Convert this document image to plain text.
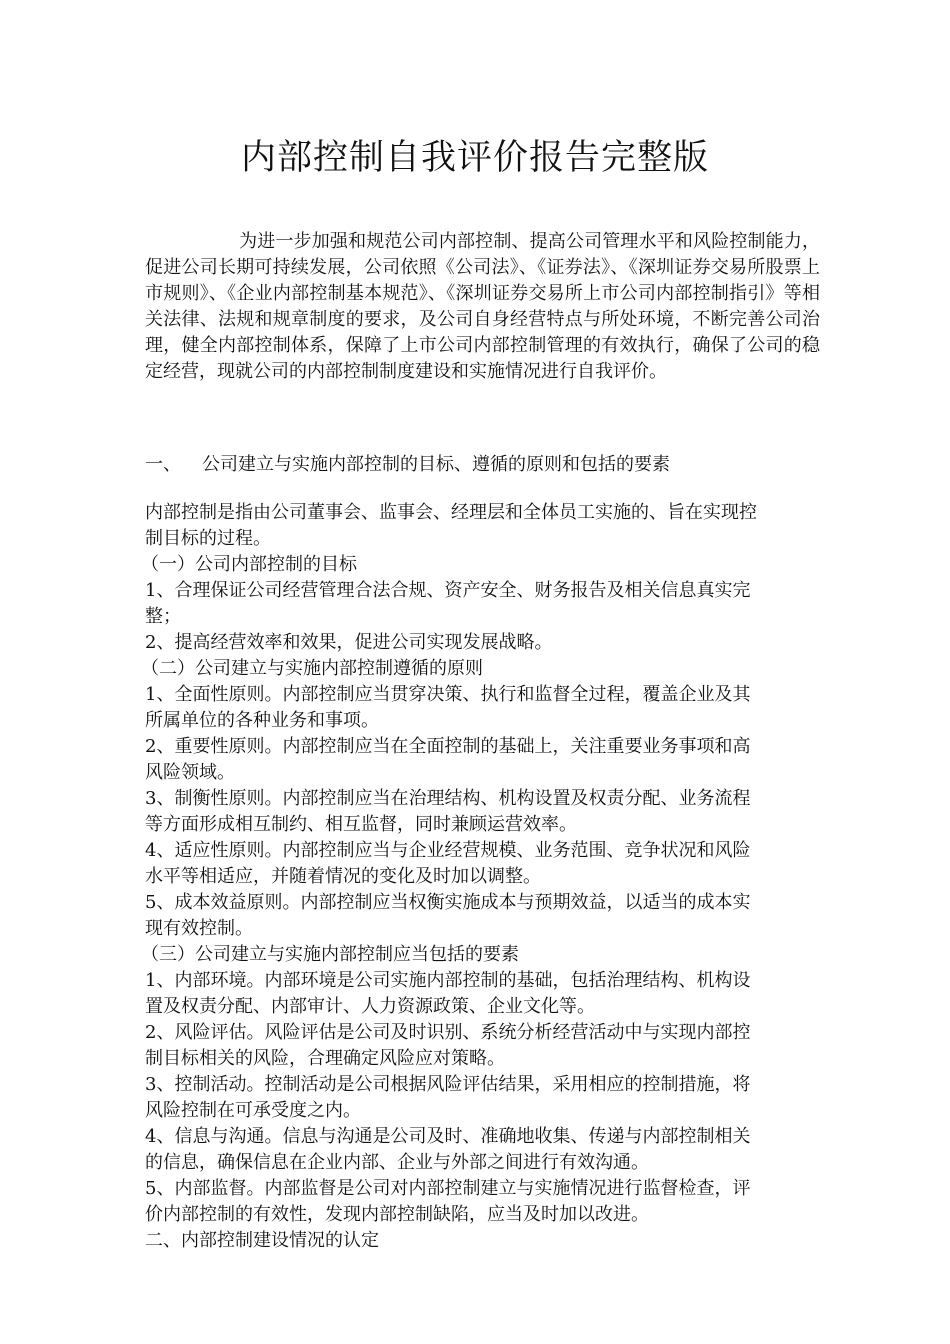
内部控制自我评价报告完整版

为进一步加强和规范公司内部控制、提高公司管理水平和风险控制能力，促进公司长期可持续发展，公司依照《公司法》、《证券法》、《深圳证券交易所股票上市规则》、《企业内部控制基本规范》、《深圳证券交易所上市公司内部控制指引》等相关法律、法规和规章制度的要求，及公司自身经营特点与所处环境，不断完善公司治理，健全内部控制体系，保障了上市公司内部控制管理的有效执行，确保了公司的稳定经营，现就公司的内部控制制度建设和实施情况进行自我评价。

一、 公司建立与实施内部控制的目标、遵循的原则和包括的要素

内部控制是指由公司董事会、监事会、经理层和全体员工实施的、旨在实现控制目标的过程。

（一）公司内部控制的目标

1、合理保证公司经营管理合法合规、资产安全、财务报告及相关信息真实完整；

2、提高经营效率和效果，促进公司实现发展战略。

（二）公司建立与实施内部控制遵循的原则

1、全面性原则。内部控制应当贯穿决策、执行和监督全过程，覆盖企业及其所属单位的各种业务和事项。

2、重要性原则。内部控制应当在全面控制的基础上，关注重要业务事项和高风险领域。

3、制衡性原则。内部控制应当在治理结构、机构设置及权责分配、业务流程等方面形成相互制约、相互监督，同时兼顾运营效率。

4、适应性原则。内部控制应当与企业经营规模、业务范围、竞争状况和风险水平等相适应，并随着情况的变化及时加以调整。

5、成本效益原则。内部控制应当权衡实施成本与预期效益，以适当的成本实现有效控制。

（三）公司建立与实施内部控制应当包括的要素

1、内部环境。内部环境是公司实施内部控制的基础，包括治理结构、机构设置及权责分配、内部审计、人力资源政策、企业文化等。

2、风险评估。风险评估是公司及时识别、系统分析经营活动中与实现内部控制目标相关的风险，合理确定风险应对策略。

3、控制活动。控制活动是公司根据风险评估结果，采用相应的控制措施，将风险控制在可承受度之内。

4、信息与沟通。信息与沟通是公司及时、准确地收集、传递与内部控制相关的信息，确保信息在企业内部、企业与外部之间进行有效沟通。

5、内部监督。内部监督是公司对内部控制建立与实施情况进行监督检查，评价内部控制的有效性，发现内部控制缺陷，应当及时加以改进。

二、内部控制建设情况的认定
